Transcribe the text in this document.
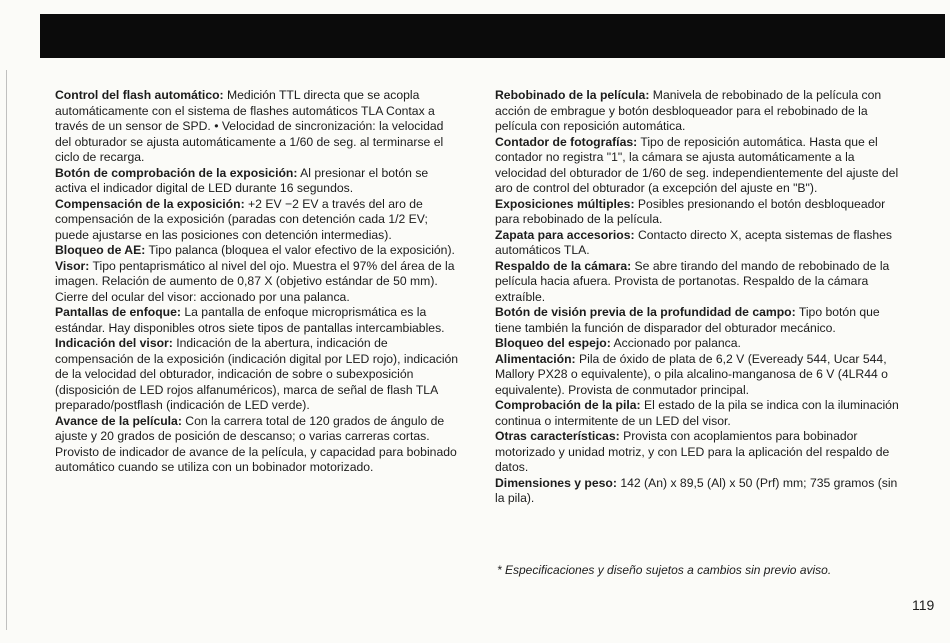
Control del flash automático: Medición TTL directa que se acopla automáticamente con el sistema de flashes automáticos TLA Contax a través de un sensor de SPD. • Velocidad de sincronización: la velocidad del obturador se ajusta automáticamente a 1/60 de seg. al terminarse el ciclo de recarga.

Botón de comprobación de la exposición: Al presionar el botón se activa el indicador digital de LED durante 16 segundos.

Compensación de la exposición: +2 EV −2 EV a través del aro de compensación de la exposición (paradas con detención cada 1/2 EV; puede ajustarse en las posiciones con detención intermedias).

Bloqueo de AE: Tipo palanca (bloquea el valor efectivo de la exposición).

Visor: Tipo pentaprismático al nivel del ojo. Muestra el 97% del área de la imagen. Relación de aumento de 0,87 X (objetivo estándar de 50 mm). Cierre del ocular del visor: accionado por una palanca.

Pantallas de enfoque: La pantalla de enfoque microprismática es la estándar. Hay disponibles otros siete tipos de pantallas intercambiables.

Indicación del visor: Indicación de la abertura, indicación de compensación de la exposición (indicación digital por LED rojo), indicación de la velocidad del obturador, indicación de sobre o subexposición (disposición de LED rojos alfanuméricos), marca de señal de flash TLA preparado/postflash (indicación de LED verde).

Avance de la película: Con la carrera total de 120 grados de ángulo de ajuste y 20 grados de posición de descanso; o varias carreras cortas. Provisto de indicador de avance de la película, y capacidad para bobinado automático cuando se utiliza con un bobinador motorizado.

Rebobinado de la película: Manivela de rebobinado de la película con acción de embrague y botón desbloqueador para el rebobinado de la película con reposición automática.

Contador de fotografías: Tipo de reposición automática. Hasta que el contador no registra "1", la cámara se ajusta automáticamente a la velocidad del obturador de 1/60 de seg. independientemente del ajuste del aro de control del obturador (a excepción del ajuste en "B").

Exposiciones múltiples: Posibles presionando el botón desbloqueador para rebobinado de la película.

Zapata para accesorios: Contacto directo X, acepta sistemas de flashes automáticos TLA.

Respaldo de la cámara: Se abre tirando del mando de rebobinado de la película hacia afuera. Provista de portanotas. Respaldo de la cámara extraíble.

Botón de visión previa de la profundidad de campo: Tipo botón que tiene también la función de disparador del obturador mecánico.

Bloqueo del espejo: Accionado por palanca.

Alimentación: Pila de óxido de plata de 6,2 V (Eveready 544, Ucar 544, Mallory PX28 o equivalente), o pila alcalino-manganosa de 6 V (4LR44 o equivalente). Provista de conmutador principal.

Comprobación de la pila: El estado de la pila se indica con la iluminación continua o intermitente de un LED del visor.

Otras características: Provista con acoplamientos para bobinador motorizado y unidad motriz, y con LED para la aplicación del respaldo de datos.

Dimensiones y peso: 142 (An) x 89,5 (Al) x 50 (Prf) mm; 735 gramos (sin la pila).

* Especificaciones y diseño sujetos a cambios sin previo aviso.
119
